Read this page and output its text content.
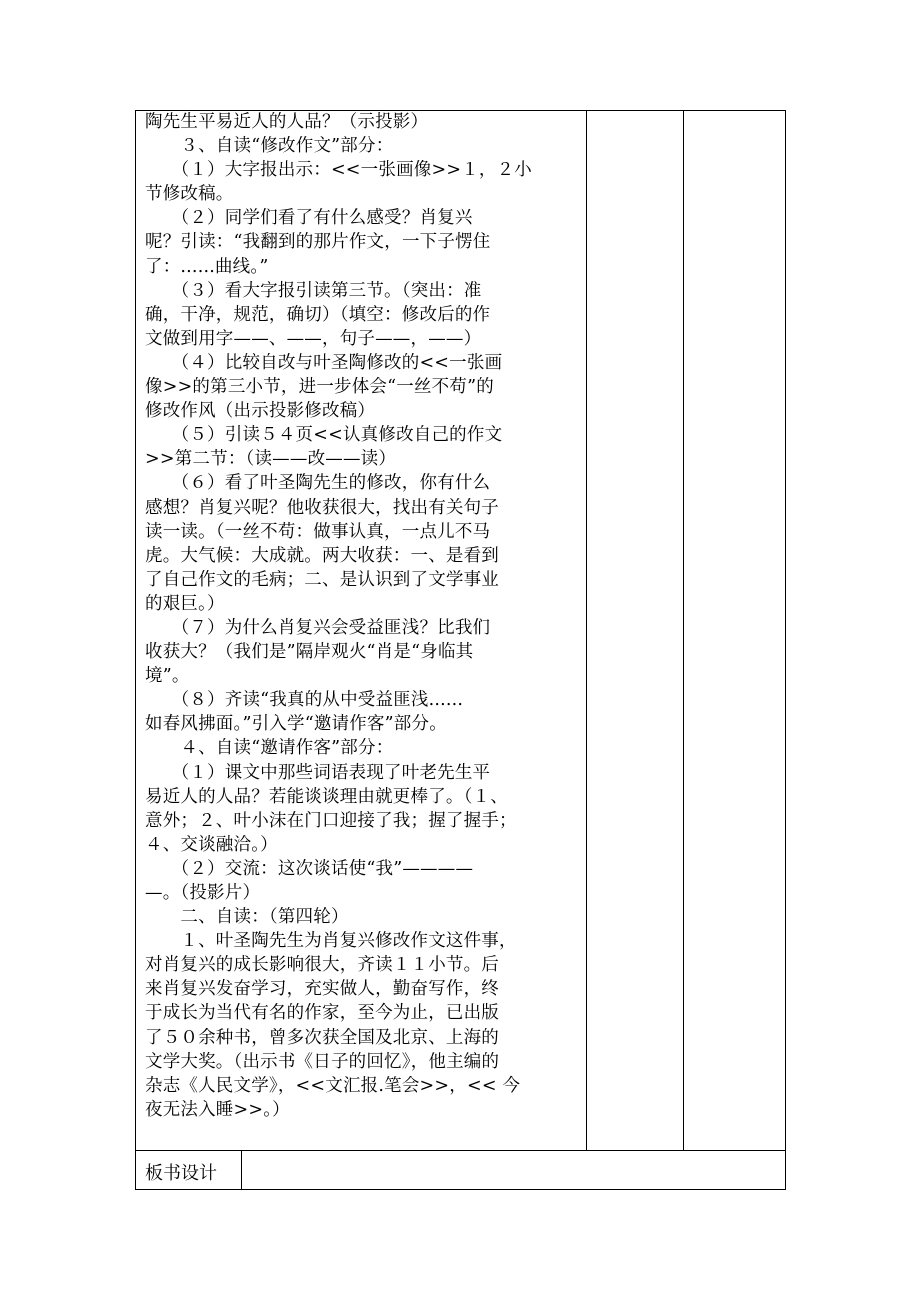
陶先生平易近人的人品？（示投影）
　　３、自读“修改作文”部分：
　　（１）大字报出示：<<一张画像>>１，２小
节修改稿。
　　（２）同学们看了有什么感受？肖复兴
呢？引读：“我翻到的那片作文，一下子愣住
了：......曲线。”
　　（３）看大字报引读第三节。（突出：准
确，干净，规范，确切）（填空：修改后的作
文做到用字——、——，句子——，——）
　　（４）比较自改与叶圣陶修改的<<一张画
像>>的第三小节，进一步体会“一丝不苟”的
修改作风（出示投影修改稿）
　　（５）引读５４页<<认真修改自己的作文
>>第二节：（读——改——读）
　　（６）看了叶圣陶先生的修改，你有什么
感想？肖复兴呢？他收获很大，找出有关句子
读一读。（一丝不苟：做事认真，一点儿不马
虎。大气候：大成就。两大收获：一、是看到
了自己作文的毛病；二、是认识到了文学事业
的艰巨。）
　　（７）为什么肖复兴会受益匪浅？比我们
收获大？（我们是”隔岸观火“肖是“身临其
境”。
　　（８）齐读“我真的从中受益匪浅......
如春风拂面。”引入学“邀请作客”部分。
　　４、自读“邀请作客”部分：
　　（１）课文中那些词语表现了叶老先生平
易近人的人品？若能谈谈理由就更棒了。（１、
意外；２、叶小沫在门口迎接了我；握了握手；
４、交谈融洽。）
　　（２）交流：这次谈话使“我”————
—。（投影片）
　　二、自读：（第四轮）
　　１、叶圣陶先生为肖复兴修改作文这件事，
对肖复兴的成长影响很大，齐读１１小节。后
来肖复兴发奋学习，充实做人，勤奋写作，终
于成长为当代有名的作家，至今为止，已出版
了５０余种书，曾多次获全国及北京、上海的
文学大奖。（出示书《日子的回忆》，他主编的
杂志《人民文学》，<<文汇报.笔会>>，<< 今
夜无法入睡>>。）
板书设计
